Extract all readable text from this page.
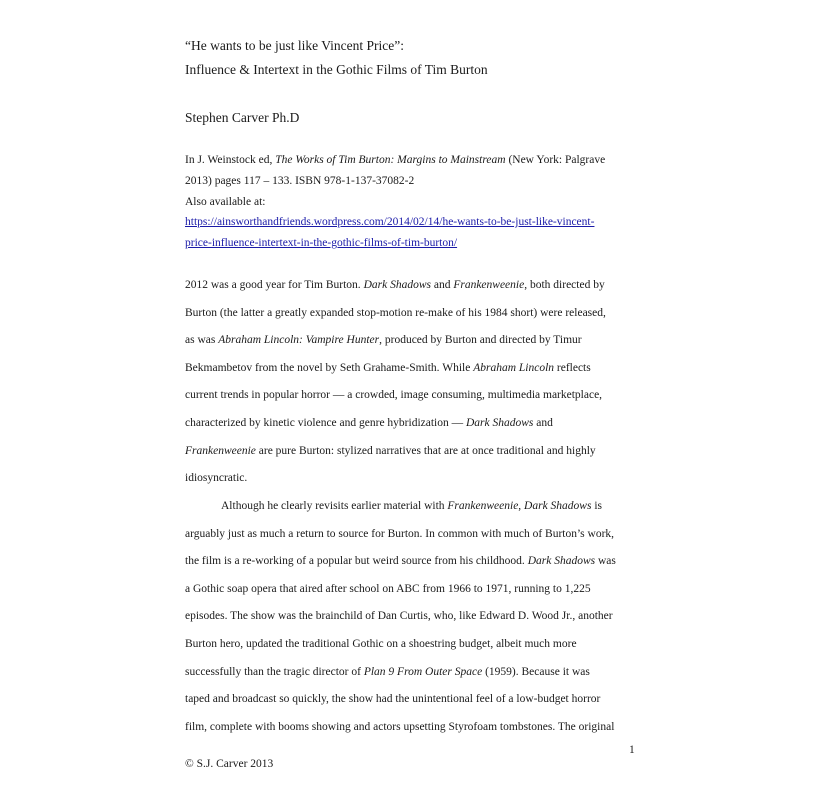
“He wants to be just like Vincent Price”:
Influence & Intertext in the Gothic Films of Tim Burton
Stephen Carver Ph.D
In J. Weinstock ed, The Works of Tim Burton: Margins to Mainstream (New York: Palgrave
2013) pages 117 – 133. ISBN 978-1-137-37082-2
Also available at:
https://ainsworthandfriends.wordpress.com/2014/02/14/he-wants-to-be-just-like-vincent-
price-influence-intertext-in-the-gothic-films-of-tim-burton/
2012 was a good year for Tim Burton. Dark Shadows and Frankenweenie, both directed by
Burton (the latter a greatly expanded stop-motion re-make of his 1984 short) were released,
as was Abraham Lincoln: Vampire Hunter, produced by Burton and directed by Timur
Bekmambetov from the novel by Seth Grahame-Smith. While Abraham Lincoln reflects
current trends in popular horror — a crowded, image consuming, multimedia marketplace,
characterized by kinetic violence and genre hybridization — Dark Shadows and
Frankenweenie are pure Burton: stylized narratives that are at once traditional and highly
idiosyncratic.
Although he clearly revisits earlier material with Frankenweenie, Dark Shadows is
arguably just as much a return to source for Burton. In common with much of Burton’s work,
the film is a re-working of a popular but weird source from his childhood. Dark Shadows was
a Gothic soap opera that aired after school on ABC from 1966 to 1971, running to 1,225
episodes. The show was the brainchild of Dan Curtis, who, like Edward D. Wood Jr., another
Burton hero, updated the traditional Gothic on a shoestring budget, albeit much more
successfully than the tragic director of Plan 9 From Outer Space (1959). Because it was
taped and broadcast so quickly, the show had the unintentional feel of a low-budget horror
film, complete with booms showing and actors upsetting Styrofoam tombstones. The original
1
© S.J. Carver 2013
